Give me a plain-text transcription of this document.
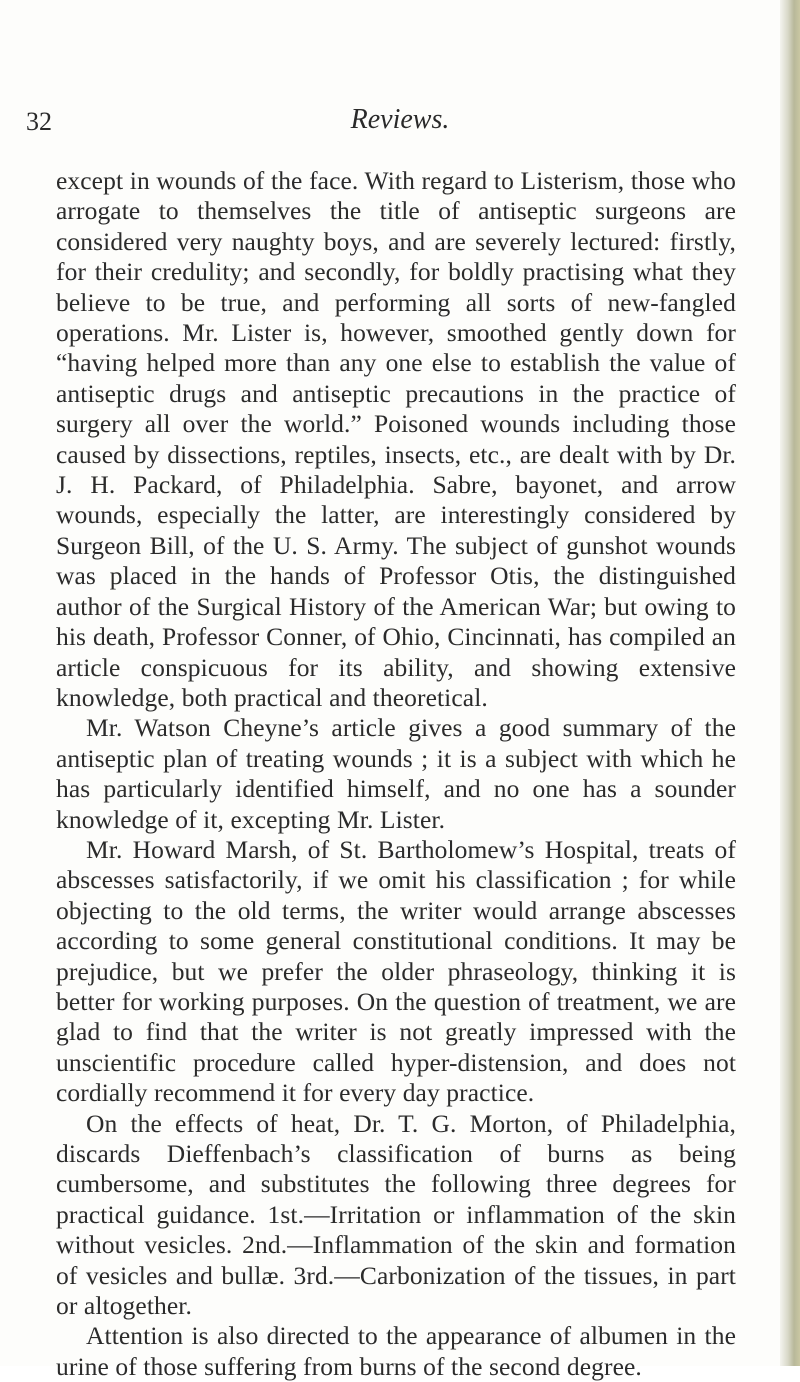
32	Reviews.

except in wounds of the face. With regard to Listerism, those who arrogate to themselves the title of antiseptic surgeons are considered very naughty boys, and are severely lectured: firstly, for their credulity; and secondly, for boldly practising what they believe to be true, and performing all sorts of new-fangled operations. Mr. Lister is, however, smoothed gently down for “having helped more than any one else to establish the value of antiseptic drugs and antiseptic precautions in the practice of surgery all over the world.” Poisoned wounds including those caused by dissections, reptiles, insects, etc., are dealt with by Dr. J. H. Packard, of Philadelphia. Sabre, bayonet, and arrow wounds, especially the latter, are interestingly considered by Surgeon Bill, of the U. S. Army. The subject of gunshot wounds was placed in the hands of Professor Otis, the distinguished author of the Surgical History of the American War; but owing to his death, Professor Conner, of Ohio, Cincinnati, has compiled an article conspicuous for its ability, and showing extensive knowledge, both practical and theoretical.

Mr. Watson Cheyne’s article gives a good summary of the antiseptic plan of treating wounds ; it is a subject with which he has particularly identified himself, and no one has a sounder knowledge of it, excepting Mr. Lister.

Mr. Howard Marsh, of St. Bartholomew’s Hospital, treats of abscesses satisfactorily, if we omit his classification ; for while objecting to the old terms, the writer would arrange abscesses according to some general constitutional conditions. It may be prejudice, but we prefer the older phraseology, thinking it is better for working purposes. On the question of treatment, we are glad to find that the writer is not greatly impressed with the unscientific procedure called hyper-distension, and does not cordially recommend it for every day practice.

On the effects of heat, Dr. T. G. Morton, of Philadelphia, discards Dieffenbach’s classification of burns as being cumbersome, and substitutes the following three degrees for practical guidance. 1st.—Irritation or inflammation of the skin without vesicles. 2nd.—Inflammation of the skin and formation of vesicles and bullæ. 3rd.—Carbonization of the tissues, in part or altogether.

Attention is also directed to the appearance of albumen in the urine of those suffering from burns of the second degree.
